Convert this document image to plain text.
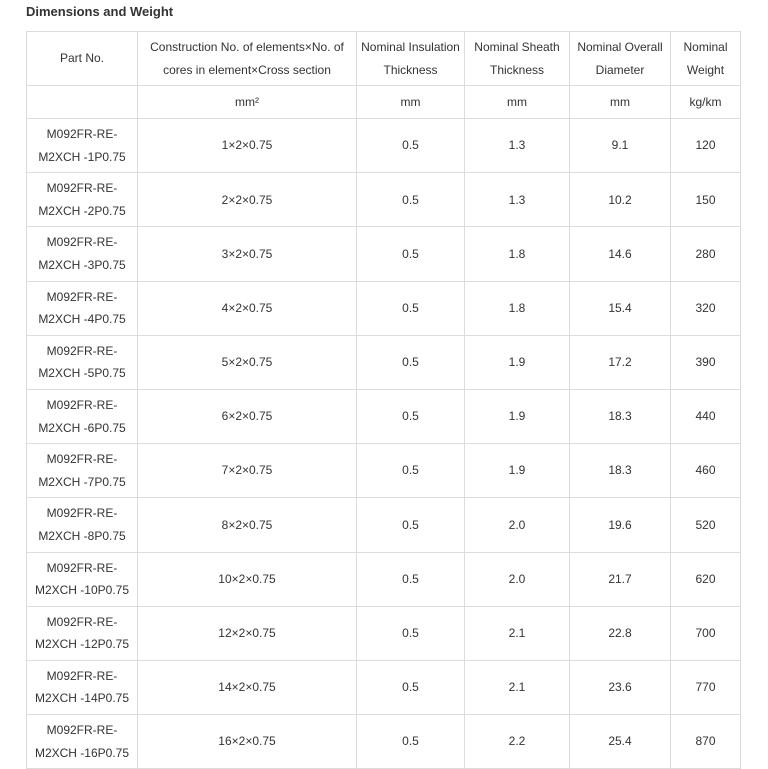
Dimensions and Weight
Part No.	Construction No. of elements×No. of cores in element×Cross section	Nominal Insulation Thickness	Nominal Sheath Thickness	Nominal Overall Diameter	Nominal Weight
	mm²	mm	mm	mm	kg/km
M092FR-RE-M2XCH -1P0.75	1×2×0.75	0.5	1.3	9.1	120
M092FR-RE-M2XCH -2P0.75	2×2×0.75	0.5	1.3	10.2	150
M092FR-RE-M2XCH -3P0.75	3×2×0.75	0.5	1.8	14.6	280
M092FR-RE-M2XCH -4P0.75	4×2×0.75	0.5	1.8	15.4	320
M092FR-RE-M2XCH -5P0.75	5×2×0.75	0.5	1.9	17.2	390
M092FR-RE-M2XCH -6P0.75	6×2×0.75	0.5	1.9	18.3	440
M092FR-RE-M2XCH -7P0.75	7×2×0.75	0.5	1.9	18.3	460
M092FR-RE-M2XCH -8P0.75	8×2×0.75	0.5	2.0	19.6	520
M092FR-RE-M2XCH -10P0.75	10×2×0.75	0.5	2.0	21.7	620
M092FR-RE-M2XCH -12P0.75	12×2×0.75	0.5	2.1	22.8	700
M092FR-RE-M2XCH -14P0.75	14×2×0.75	0.5	2.1	23.6	770
M092FR-RE-M2XCH -16P0.75	16×2×0.75	0.5	2.2	25.4	870
